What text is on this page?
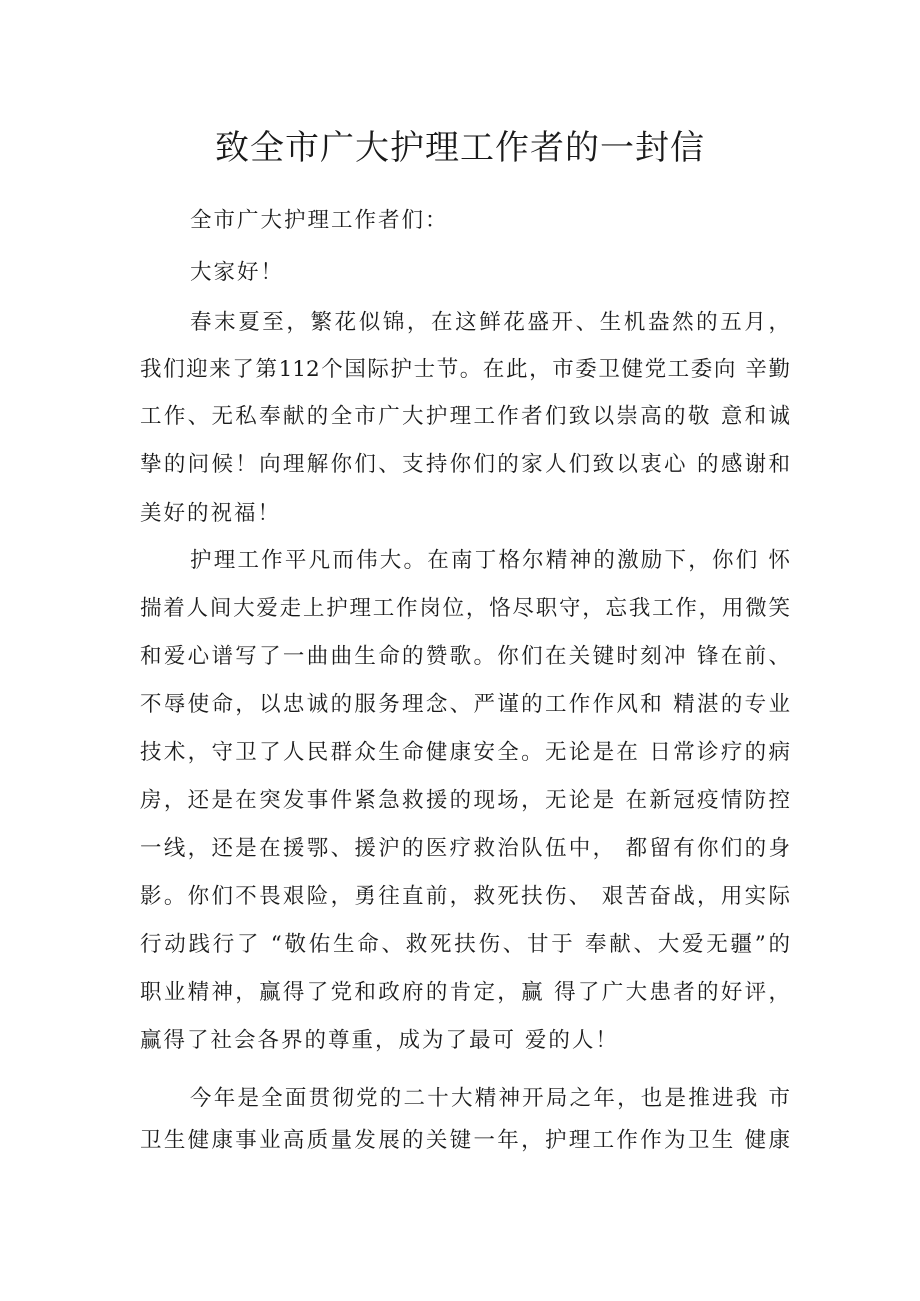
致全市广大护理工作者的一封信
全市广大护理工作者们：
大家好！
春末夏至，繁花似锦，在这鲜花盛开、生机盎然的五月，
我们迎来了第112个国际护士节。在此，市委卫健党工委向 辛勤
工作、无私奉献的全市广大护理工作者们致以崇高的敬 意和诚
挚的问候！向理解你们、支持你们的家人们致以衷心 的感谢和
美好的祝福！
护理工作平凡而伟大。在南丁格尔精神的激励下，你们 怀
揣着人间大爱走上护理工作岗位，恪尽职守，忘我工作，用微笑
和爱心谱写了一曲曲生命的赞歌。你们在关键时刻冲 锋在前、
不辱使命，以忠诚的服务理念、严谨的工作作风和 精湛的专业
技术，守卫了人民群众生命健康安全。无论是在 日常诊疗的病
房，还是在突发事件紧急救援的现场，无论是 在新冠疫情防控
一线，还是在援鄂、援沪的医疗救治队伍中， 都留有你们的身
影。你们不畏艰险，勇往直前，救死扶伤、 艰苦奋战，用实际
行动践行了 “敬佑生命、救死扶伤、甘于 奉献、大爱无疆”的
职业精神，赢得了党和政府的肯定，赢 得了广大患者的好评，
赢得了社会各界的尊重，成为了最可 爱的人！
今年是全面贯彻党的二十大精神开局之年，也是推进我 市
卫生健康事业高质量发展的关键一年，护理工作作为卫生 健康
